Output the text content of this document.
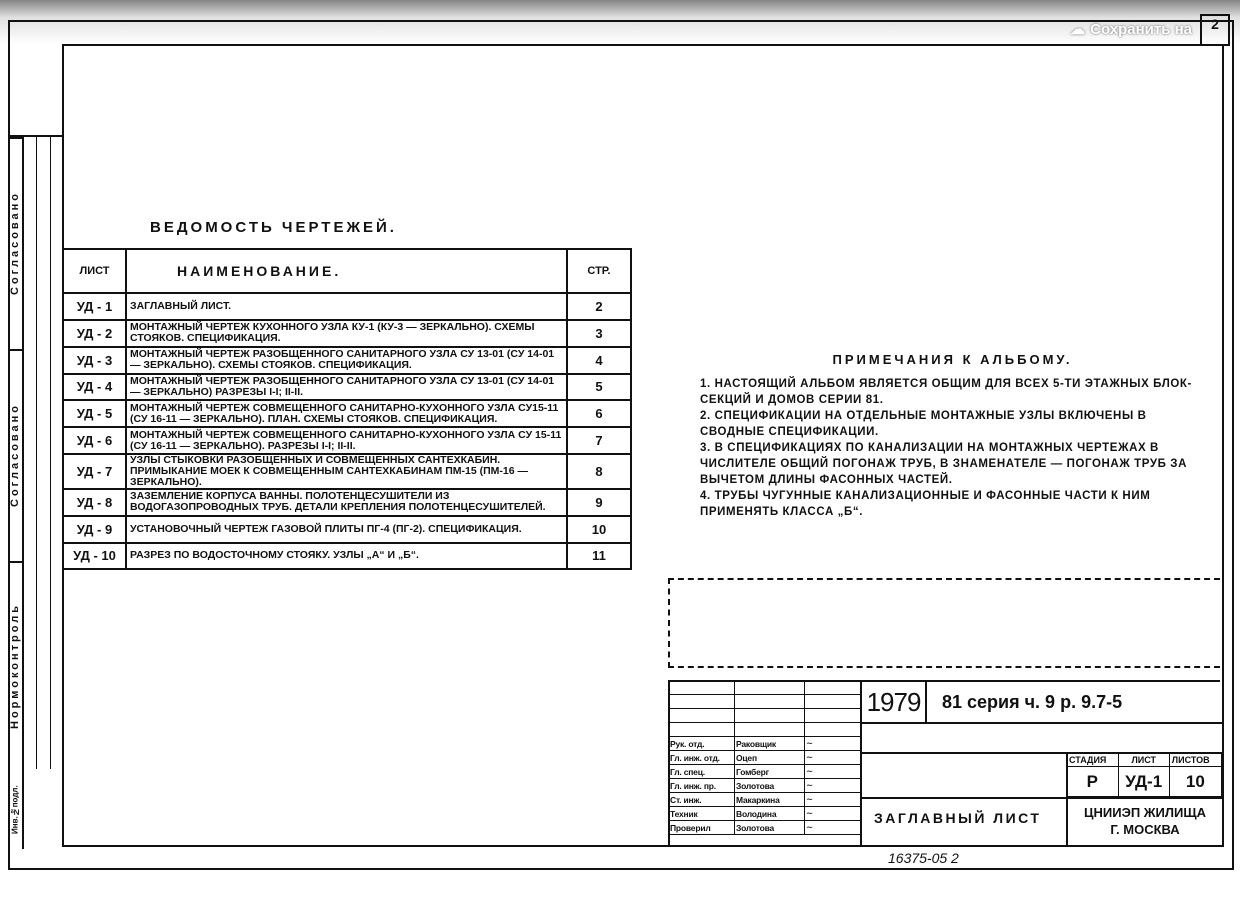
☁ Сохранить на	2
Согласовано
Согласовано
Нормоконтроль
Инв.№подл.
ВЕДОМОСТЬ ЧЕРТЕЖЕЙ.
ЛИСТ	НАИМЕНОВАНИЕ.	СТР.
УД - 1	ЗАГЛАВНЫЙ ЛИСТ.	2
УД - 2	МОНТАЖНЫЙ ЧЕРТЕЖ КУХОННОГО УЗЛА КУ-1 (КУ-3 — ЗЕРКАЛЬНО). СХЕМЫ СТОЯКОВ. СПЕЦИФИКАЦИЯ.	3
УД - 3	МОНТАЖНЫЙ ЧЕРТЕЖ РАЗОБЩЕННОГО САНИТАРНОГО УЗЛА СУ 13-01 (СУ 14-01 — ЗЕРКАЛЬНО). СХЕМЫ СТОЯКОВ. СПЕЦИФИКАЦИЯ.	4
УД - 4	МОНТАЖНЫЙ ЧЕРТЕЖ РАЗОБЩЕННОГО САНИТАРНОГО УЗЛА СУ 13-01 (СУ 14-01 — ЗЕРКАЛЬНО) РАЗРЕЗЫ I-I; II-II.	5
УД - 5	МОНТАЖНЫЙ ЧЕРТЕЖ СОВМЕЩЕННОГО САНИТАРНО-КУХОННОГО УЗЛА СУ15-11 (СУ 16-11 — ЗЕРКАЛЬНО). ПЛАН. СХЕМЫ СТОЯКОВ. СПЕЦИФИКАЦИЯ.	6
УД - 6	МОНТАЖНЫЙ ЧЕРТЕЖ СОВМЕЩЕННОГО САНИТАРНО-КУХОННОГО УЗЛА СУ 15-11 (СУ 16-11 — ЗЕРКАЛЬНО). РАЗРЕЗЫ I-I; II-II.	7
УД - 7	УЗЛЫ СТЫКОВКИ РАЗОБЩЕННЫХ И СОВМЕЩЕННЫХ САНТЕХКАБИН. ПРИМЫКАНИЕ МОЕК К СОВМЕЩЕННЫМ САНТЕХКАБИНАМ ПМ-15 (ПМ-16 — ЗЕРКАЛЬНО).	8
УД - 8	ЗАЗЕМЛЕНИЕ КОРПУСА ВАННЫ. ПОЛОТЕНЦЕСУШИТЕЛИ ИЗ ВОДОГАЗОПРОВОДНЫХ ТРУБ. ДЕТАЛИ КРЕПЛЕНИЯ ПОЛОТЕНЦЕСУШИТЕЛЕЙ.	9
УД - 9	УСТАНОВОЧНЫЙ ЧЕРТЕЖ ГАЗОВОЙ ПЛИТЫ ПГ-4 (ПГ-2). СПЕЦИФИКАЦИЯ.	10
УД - 10	РАЗРЕЗ ПО ВОДОСТОЧНОМУ СТОЯКУ. УЗЛЫ „А“ И „Б“.	11
ПРИМЕЧАНИЯ К АЛЬБОМУ.
1. НАСТОЯЩИЙ АЛЬБОМ ЯВЛЯЕТСЯ ОБЩИМ ДЛЯ ВСЕХ 5-ТИ ЭТАЖНЫХ БЛОК-СЕКЦИЙ И ДОМОВ СЕРИИ 81.
2. СПЕЦИФИКАЦИИ НА ОТДЕЛЬНЫЕ МОНТАЖНЫЕ УЗЛЫ ВКЛЮЧЕНЫ В СВОДНЫЕ СПЕЦИФИКАЦИИ.
3. В СПЕЦИФИКАЦИЯХ ПО КАНАЛИЗАЦИИ НА МОНТАЖНЫХ ЧЕРТЕЖАХ В ЧИСЛИТЕЛЕ ОБЩИЙ ПОГОНАЖ ТРУБ, В ЗНАМЕНАТЕЛЕ — ПОГОНАЖ ТРУБ ЗА ВЫЧЕТОМ ДЛИНЫ ФАСОННЫХ ЧАСТЕЙ.
4. ТРУБЫ ЧУГУННЫЕ КАНАЛИЗАЦИОННЫЕ И ФАСОННЫЕ ЧАСТИ К НИМ ПРИМЕНЯТЬ КЛАССА „Б“.

Рук. отд.	Раковщик	~
Гл. инж. отд.	Оцеп	~
Гл. спец.	Гомберг	~
Гл. инж. пр.	Золотова	~
Ст. инж.	Макаркина	~
Техник	Володина	~
Проверил	Золотова	~
1979	81 серия ч. 9 р. 9.7-5
СТАДИЯ	ЛИСТ	ЛИСТОВ
Р	УД-1	10
ЗАГЛАВНЫЙ ЛИСТ	ЦНИИЭП ЖИЛИЩА
Г. МОСКВА
16375-05 2
